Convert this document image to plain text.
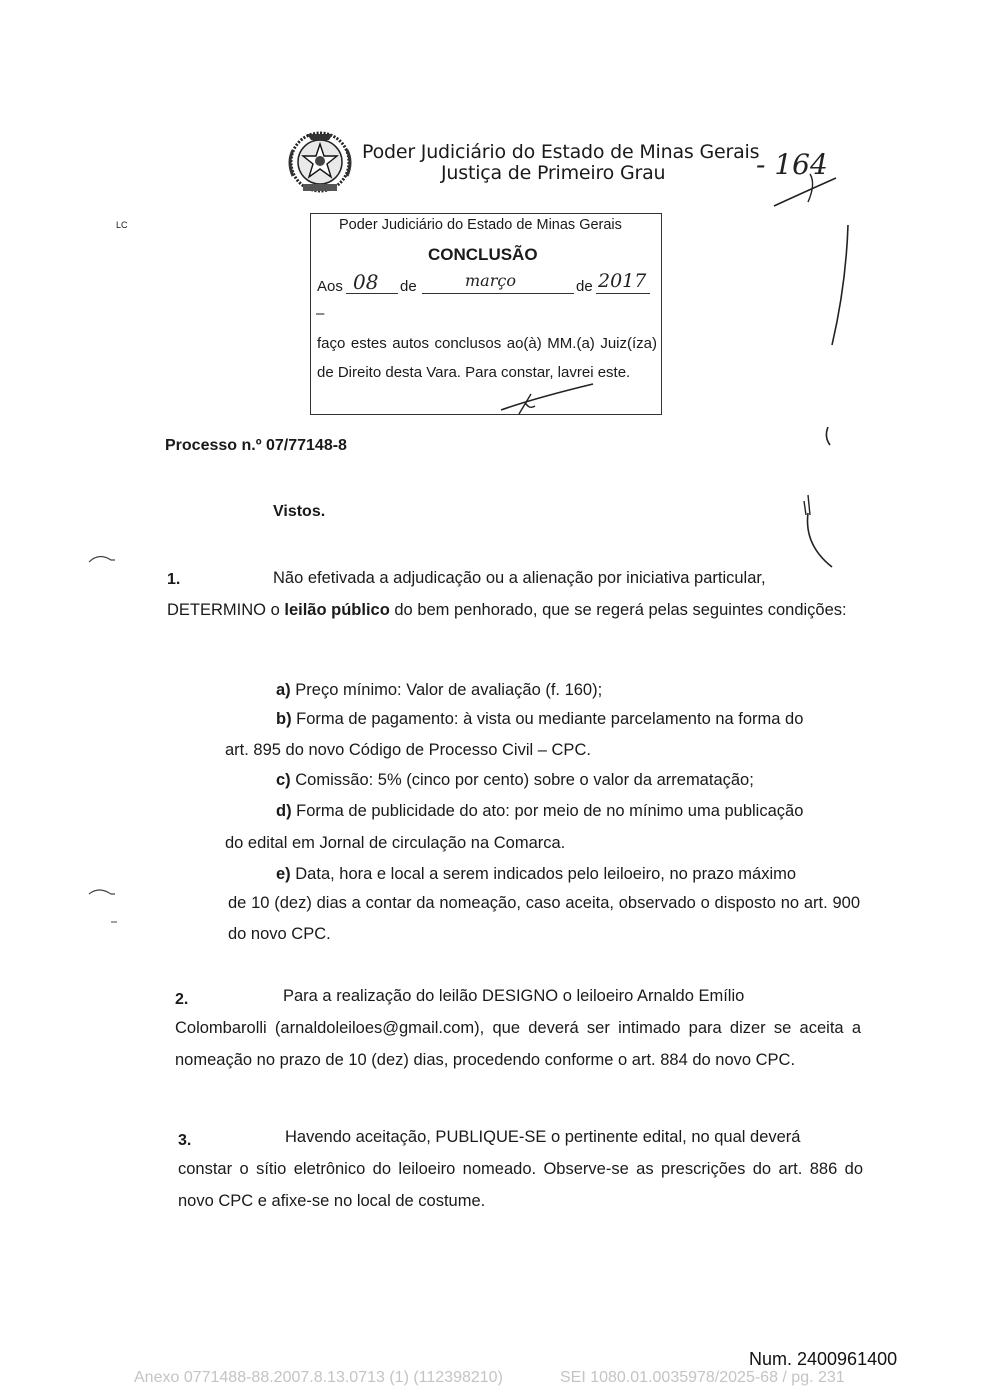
Poder Judiciário do Estado de Minas Gerais
Justiça de Primeiro Grau	- 164
LC	Poder Judiciário do Estado de Minas Gerais
CONCLUSÃO
Aos 08 de	março	de 2017
–
faço estes autos conclusos ao(à) MM.(a) Juiz(íza) de Direito desta Vara. Para constar, lavrei este.
Processo n.º 07/77148-8
Vistos.
1.	Não efetivada a adjudicação ou a alienação por iniciativa particular,
DETERMINO o leilão público do bem penhorado, que se regerá pelas seguintes condições:
a) Preço mínimo: Valor de avaliação (f. 160);
b) Forma de pagamento: à vista ou mediante parcelamento na forma do
art. 895 do novo Código de Processo Civil – CPC.
c) Comissão: 5% (cinco por cento) sobre o valor da arrematação;
d) Forma de publicidade do ato: por meio de no mínimo uma publicação
do edital em Jornal de circulação na Comarca.
e) Data, hora e local a serem indicados pelo leiloeiro, no prazo máximo
de 10 (dez) dias a contar da nomeação, caso aceita, observado o disposto no art. 900 do novo CPC.
2.	Para a realização do leilão DESIGNO o leiloeiro Arnaldo Emílio
Colombarolli (arnaldoleiloes@gmail.com), que deverá ser intimado para dizer se aceita a nomeação no prazo de 10 (dez) dias, procedendo conforme o art. 884 do novo CPC.
3.	Havendo aceitação, PUBLIQUE-SE o pertinente edital, no qual deverá
constar o sítio eletrônico do leiloeiro nomeado. Observe-se as prescrições do art. 886 do novo CPC e afixe-se no local de costume.
Num. 2400961400
Anexo 0771488-88.2007.8.13.0713 (1) (112398210)	SEI 1080.01.0035978/2025-68 / pg. 231
